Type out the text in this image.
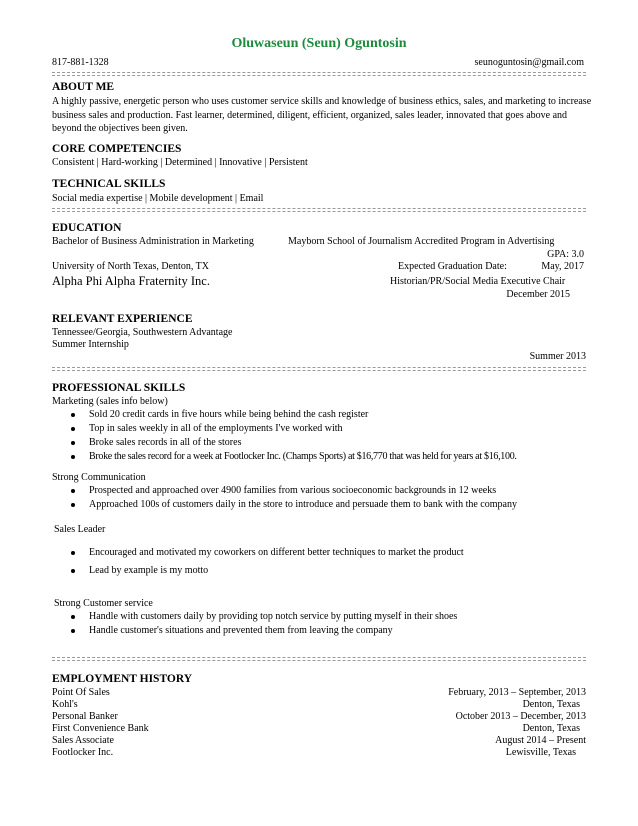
Oluwaseun (Seun) Oguntosin
817-881-1328	seunoguntosin@gmail.com
ABOUT ME
A highly passive, energetic person who uses customer service skills and knowledge of business ethics, sales, and marketing to increase business sales and production. Fast learner, determined, diligent, efficient, organized, sales leader, innovated that goes above and beyond the objectives been given.
CORE COMPETENCIES
Consistent | Hard-working | Determined | Innovative | Persistent
TECHNICAL SKILLS
Social media expertise | Mobile development | Email
EDUCATION
Bachelor of Business Administration in Marketing	Mayborn School of Journalism Accredited Program in Advertising
GPA: 3.0
University of North Texas, Denton, TX	Expected Graduation Date:	May, 2017
Alpha Phi Alpha Fraternity Inc.	Historian/PR/Social Media Executive Chair
December 2015
RELEVANT EXPERIENCE
Tennessee/Georgia, Southwestern Advantage
Summer Internship
Summer 2013
PROFESSIONAL SKILLS
Marketing (sales info below)
Sold 20 credit cards in five hours while being behind the cash register
Top in sales weekly in all of the employments I've worked with
Broke sales records in all of the stores
Broke the sales record for a week at Footlocker Inc. (Champs Sports) at $16,770 that was held for years at $16,100.
Strong Communication
Prospected and approached over 4900 families from various socioeconomic backgrounds in 12 weeks
Approached 100s of customers daily in the store to introduce and persuade them to bank with the company
Sales Leader
Encouraged and motivated my coworkers on different better techniques to market the product
Lead by example is my motto
Strong Customer service
Handle with customers daily by providing top notch service by putting myself in their shoes
Handle customer's situations and prevented them from leaving the company
EMPLOYMENT HISTORY
Point Of Sales	February, 2013 – September, 2013
Kohl's	Denton, Texas
Personal Banker	October 2013 – December, 2013
First Convenience Bank	Denton, Texas
Sales Associate	August 2014 – Present
Footlocker Inc.	Lewisville, Texas
